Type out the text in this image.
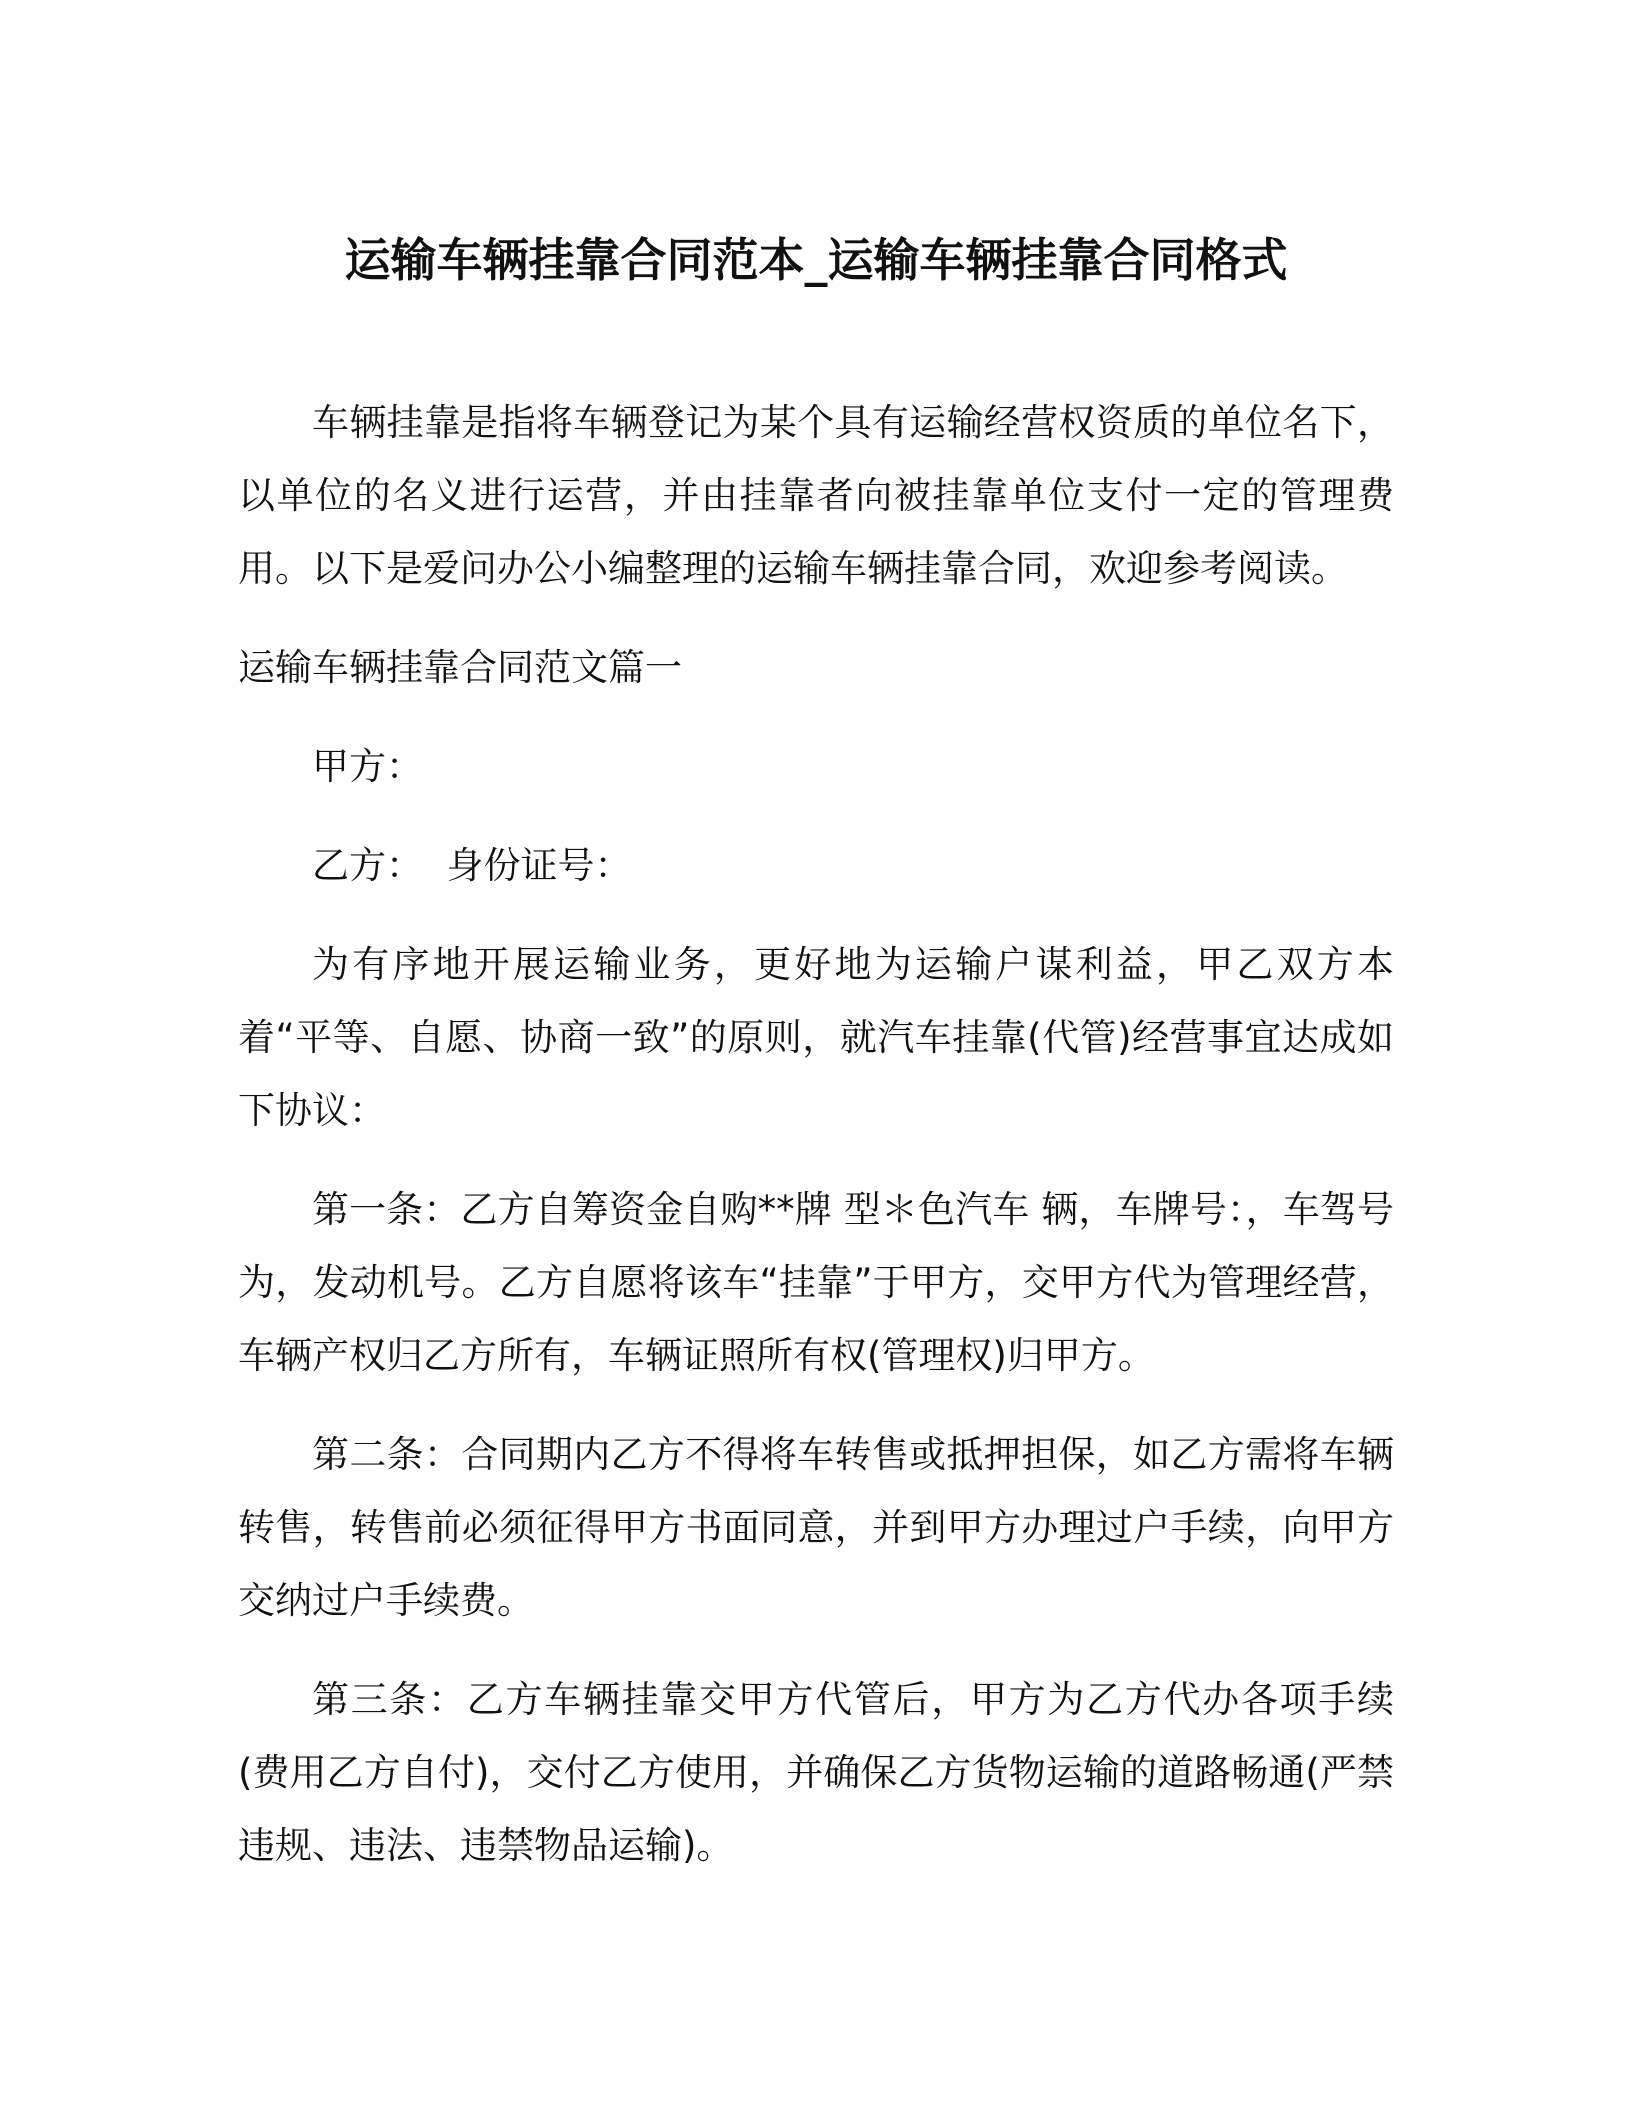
运输车辆挂靠合同范本_运输车辆挂靠合同格式

车辆挂靠是指将车辆登记为某个具有运输经营权资质的单位名下，以单位的名义进行运营，并由挂靠者向被挂靠单位支付一定的管理费用。以下是爱问办公小编整理的运输车辆挂靠合同，欢迎参考阅读。

运输车辆挂靠合同范文篇一

甲方：

乙方：  身份证号：

为有序地开展运输业务，更好地为运输户谋利益，甲乙双方本着“平等、自愿、协商一致”的原则，就汽车挂靠(代管)经营事宜达成如下协议：

第一条：乙方自筹资金自购**牌 型＊色汽车 辆，车牌号：，车驾号为，发动机号。乙方自愿将该车“挂靠”于甲方，交甲方代为管理经营，车辆产权归乙方所有，车辆证照所有权(管理权)归甲方。

第二条：合同期内乙方不得将车转售或抵押担保，如乙方需将车辆转售，转售前必须征得甲方书面同意，并到甲方办理过户手续，向甲方交纳过户手续费。

第三条：乙方车辆挂靠交甲方代管后，甲方为乙方代办各项手续(费用乙方自付)，交付乙方使用，并确保乙方货物运输的道路畅通(严禁违规、违法、违禁物品运输)。
